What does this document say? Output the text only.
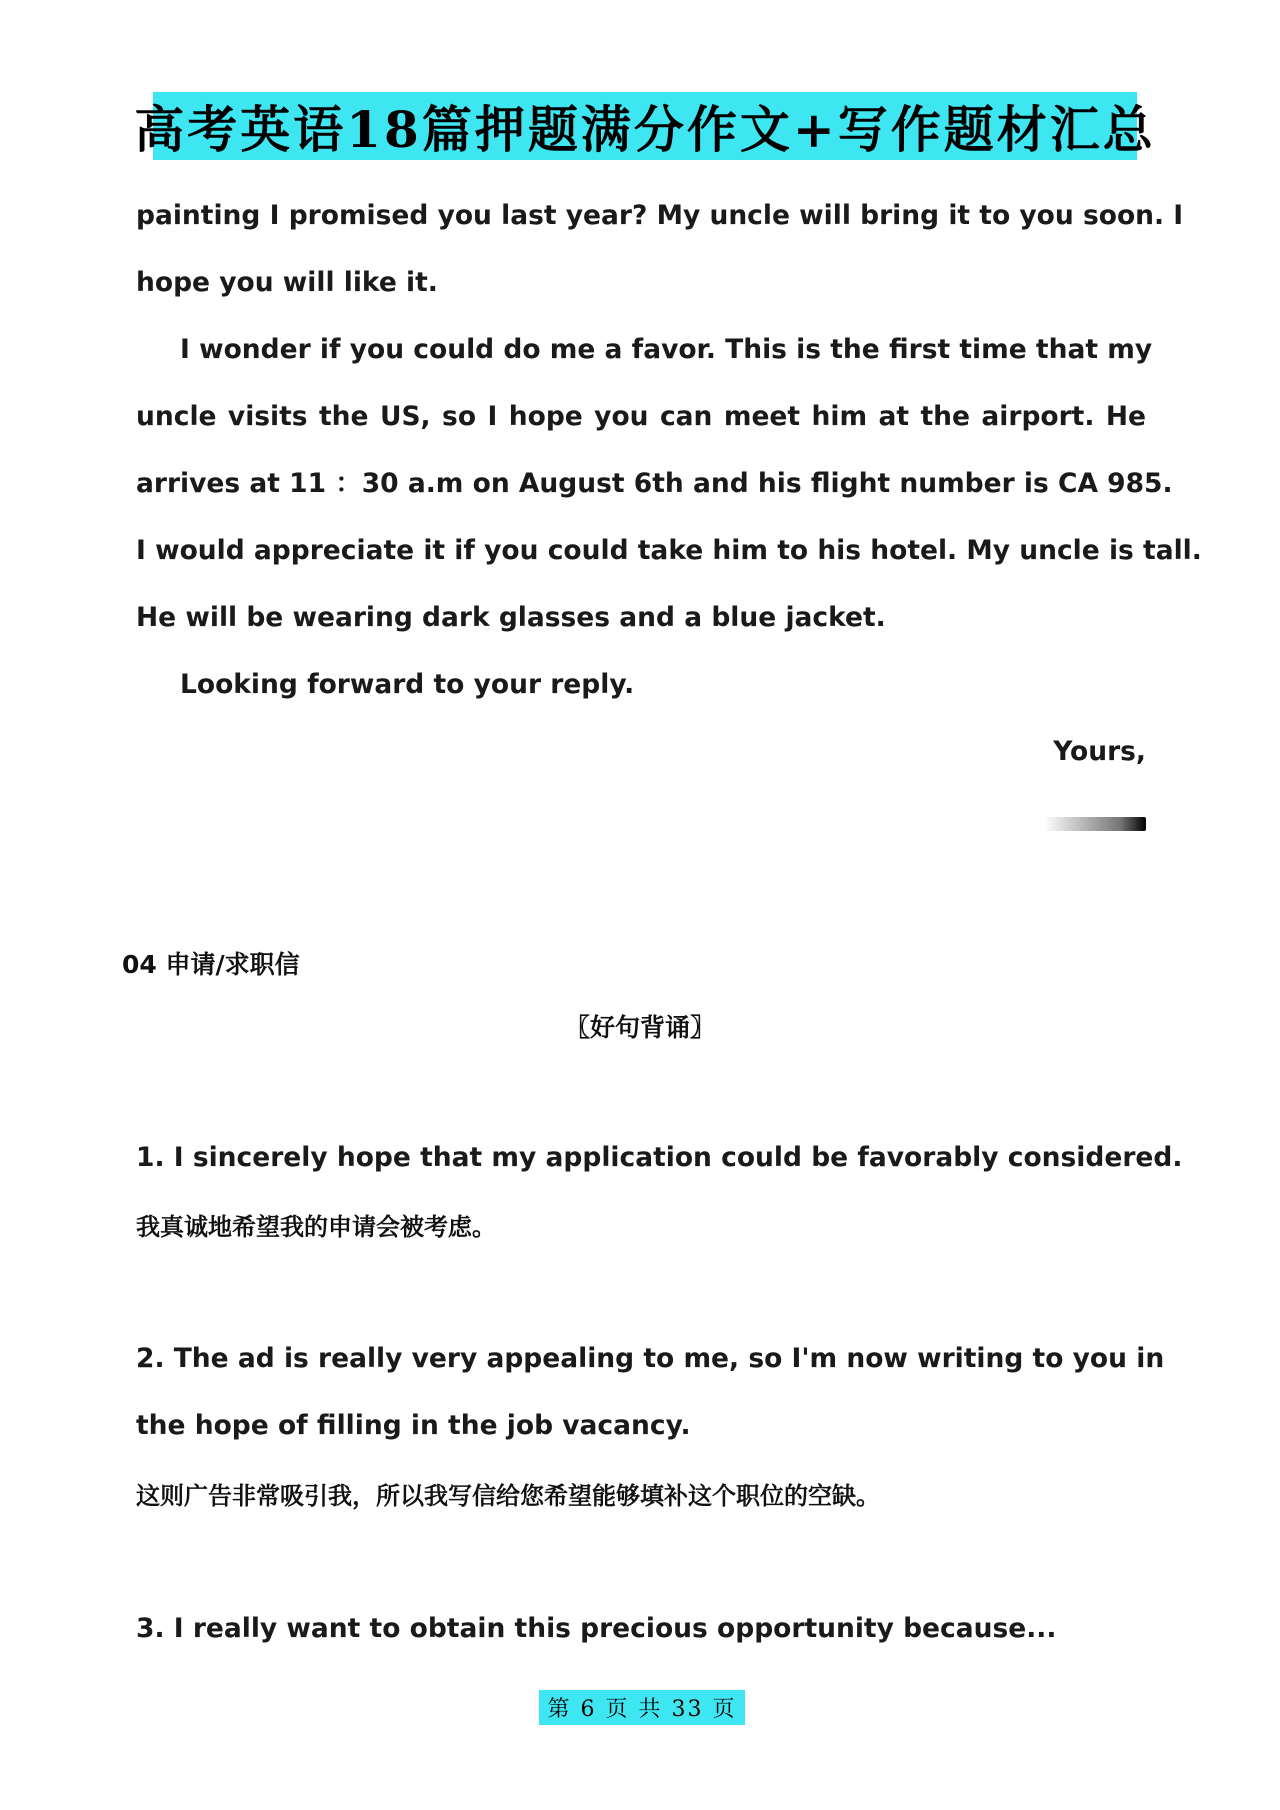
高考英语18篇押题满分作文+写作题材汇总
painting I promised you last year? My uncle will bring it to you soon. I
hope you will like it.
I wonder if you could do me a favor. This is the first time that my
uncle visits the US, so I hope you can meet him at the airport. He
arrives at 11 ：30 a.m on August 6th and his flight number is CA 985.
I would appreciate it if you could take him to his hotel. My uncle is tall.
He will be wearing dark glasses and a blue jacket.
Looking forward to your reply.
Yours,
04 申请/求职信
〖好句背诵〗
1. I sincerely hope that my application could be favorably considered.
我真诚地希望我的申请会被考虑。
2. The ad is really very appealing to me, so I'm now writing to you in
the hope of filling in the job vacancy.
这则广告非常吸引我，所以我写信给您希望能够填补这个职位的空缺。
3. I really want to obtain this precious opportunity because...
第 6 页 共 33 页
